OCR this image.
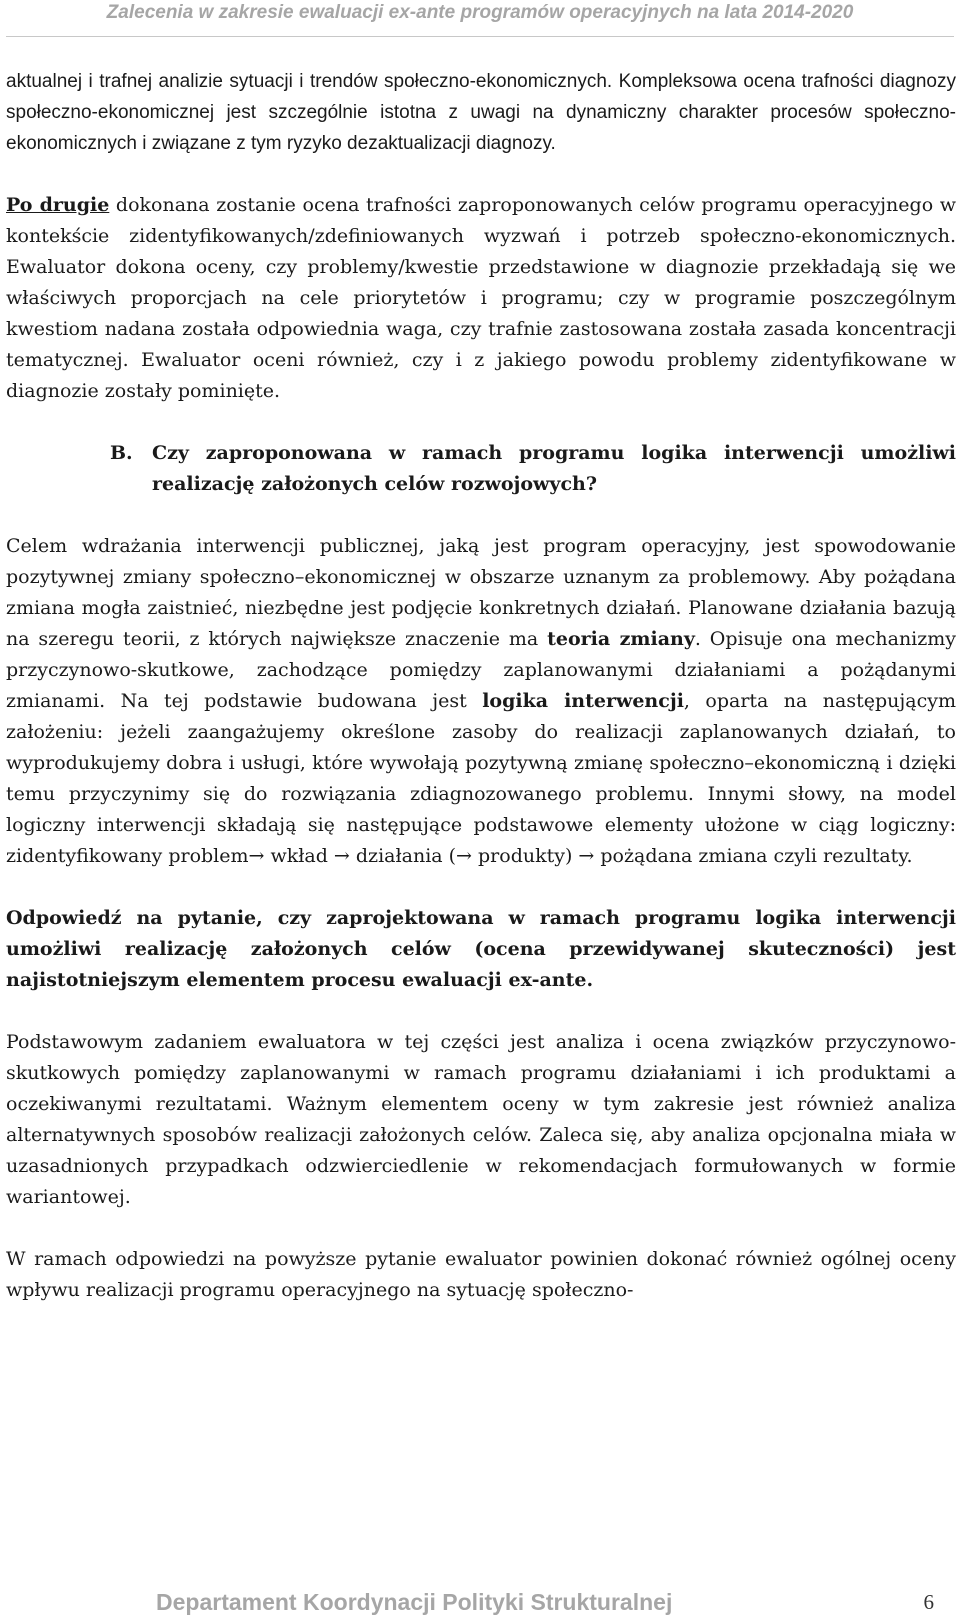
Zalecenia w zakresie ewaluacji ex-ante programów operacyjnych na lata 2014-2020

aktualnej i trafnej analizie sytuacji i trendów społeczno-ekonomicznych. Kompleksowa ocena trafności diagnozy społeczno-ekonomicznej jest szczególnie istotna z uwagi na dynamiczny charakter procesów społeczno-ekonomicznych i związane z tym ryzyko dezaktualizacji diagnozy.

Po drugie dokonana zostanie ocena trafności zaproponowanych celów programu operacyjnego w kontekście zidentyfikowanych/zdefiniowanych wyzwań i potrzeb społeczno-ekonomicznych. Ewaluator dokona oceny, czy problemy/kwestie przedstawione w diagnozie przekładają się we właściwych proporcjach na cele priorytetów i programu; czy w programie poszczególnym kwestiom nadana została odpowiednia waga, czy trafnie zastosowana została zasada koncentracji tematycznej. Ewaluator oceni również, czy i z jakiego powodu problemy zidentyfikowane w diagnozie zostały pominięte.

B.	Czy zaproponowana w ramach programu logika interwencji umożliwi realizację założonych celów rozwojowych?

Celem wdrażania interwencji publicznej, jaką jest program operacyjny, jest spowodowanie pozytywnej zmiany społeczno–ekonomicznej w obszarze uznanym za problemowy. Aby pożądana zmiana mogła zaistnieć, niezbędne jest podjęcie konkretnych działań. Planowane działania bazują na szeregu teorii, z których największe znaczenie ma teoria zmiany. Opisuje ona mechanizmy przyczynowo-skutkowe, zachodzące pomiędzy zaplanowanymi działaniami a pożądanymi zmianami. Na tej podstawie budowana jest logika interwencji, oparta na następującym założeniu: jeżeli zaangażujemy określone zasoby do realizacji zaplanowanych działań, to wyprodukujemy dobra i usługi, które wywołają pozytywną zmianę społeczno–ekonomiczną i dzięki temu przyczynimy się do rozwiązania zdiagnozowanego problemu. Innymi słowy, na model logiczny interwencji składają się następujące podstawowe elementy ułożone w ciąg logiczny: zidentyfikowany problem→ wkład → działania (→ produkty) → pożądana zmiana czyli rezultaty.

Odpowiedź na pytanie, czy zaprojektowana w ramach programu logika interwencji umożliwi realizację założonych celów (ocena przewidywanej skuteczności) jest najistotniejszym elementem procesu ewaluacji ex-ante.

Podstawowym zadaniem ewaluatora w tej części jest analiza i ocena związków przyczynowo-skutkowych pomiędzy zaplanowanymi w ramach programu działaniami i ich produktami a oczekiwanymi rezultatami. Ważnym elementem oceny w tym zakresie jest również analiza alternatywnych sposobów realizacji założonych celów. Zaleca się, aby analiza opcjonalna miała w uzasadnionych przypadkach odzwierciedlenie w rekomendacjach formułowanych w formie wariantowej.

W ramach odpowiedzi na powyższe pytanie ewaluator powinien dokonać również ogólnej oceny wpływu realizacji programu operacyjnego na sytuację społeczno-

Departament Koordynacji Polityki Strukturalnej	6
